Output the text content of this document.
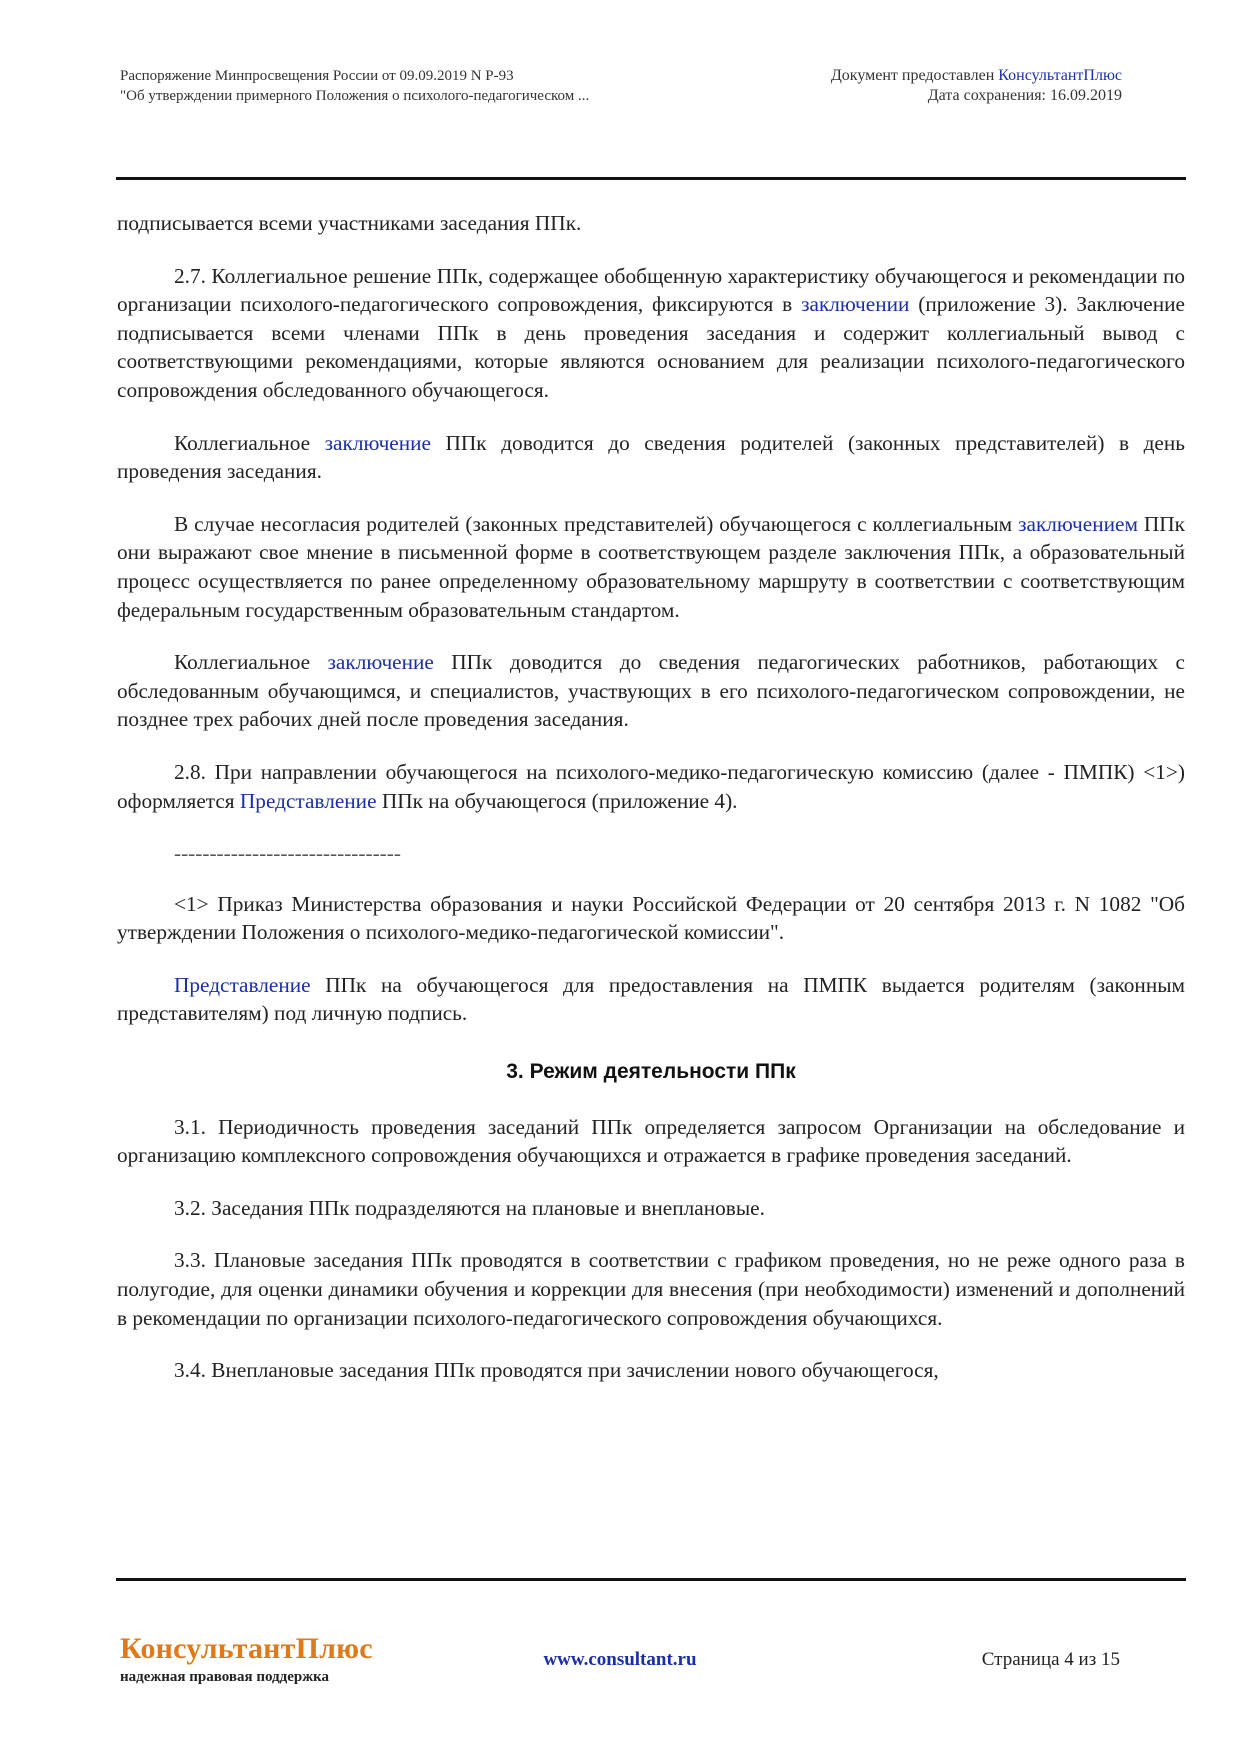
Распоряжение Минпросвещения России от 09.09.2019 N Р-93
"Об утверждении примерного Положения о психолого-педагогическом ...
Документ предоставлен КонсультантПлюс
Дата сохранения: 16.09.2019

подписывается всеми участниками заседания ППк.

2.7. Коллегиальное решение ППк, содержащее обобщенную характеристику обучающегося и рекомендации по организации психолого-педагогического сопровождения, фиксируются в заключении (приложение 3). Заключение подписывается всеми членами ППк в день проведения заседания и содержит коллегиальный вывод с соответствующими рекомендациями, которые являются основанием для реализации психолого-педагогического сопровождения обследованного обучающегося.

Коллегиальное заключение ППк доводится до сведения родителей (законных представителей) в день проведения заседания.

В случае несогласия родителей (законных представителей) обучающегося с коллегиальным заключением ППк они выражают свое мнение в письменной форме в соответствующем разделе заключения ППк, а образовательный процесс осуществляется по ранее определенному образовательному маршруту в соответствии с соответствующим федеральным государственным образовательным стандартом.

Коллегиальное заключение ППк доводится до сведения педагогических работников, работающих с обследованным обучающимся, и специалистов, участвующих в его психолого-педагогическом сопровождении, не позднее трех рабочих дней после проведения заседания.

2.8. При направлении обучающегося на психолого-медико-педагогическую комиссию (далее - ПМПК) <1>) оформляется Представление ППк на обучающегося (приложение 4).

--------------------------------

<1> Приказ Министерства образования и науки Российской Федерации от 20 сентября 2013 г. N 1082 "Об утверждении Положения о психолого-медико-педагогической комиссии".

Представление ППк на обучающегося для предоставления на ПМПК выдается родителям (законным представителям) под личную подпись.

3. Режим деятельности ППк

3.1. Периодичность проведения заседаний ППк определяется запросом Организации на обследование и организацию комплексного сопровождения обучающихся и отражается в графике проведения заседаний.

3.2. Заседания ППк подразделяются на плановые и внеплановые.

3.3. Плановые заседания ППк проводятся в соответствии с графиком проведения, но не реже одного раза в полугодие, для оценки динамики обучения и коррекции для внесения (при необходимости) изменений и дополнений в рекомендации по организации психолого-педагогического сопровождения обучающихся.

3.4. Внеплановые заседания ППк проводятся при зачислении нового обучающегося,

КонсультантПлюс
надежная правовая поддержка
www.consultant.ru	Страница 4 из 15
